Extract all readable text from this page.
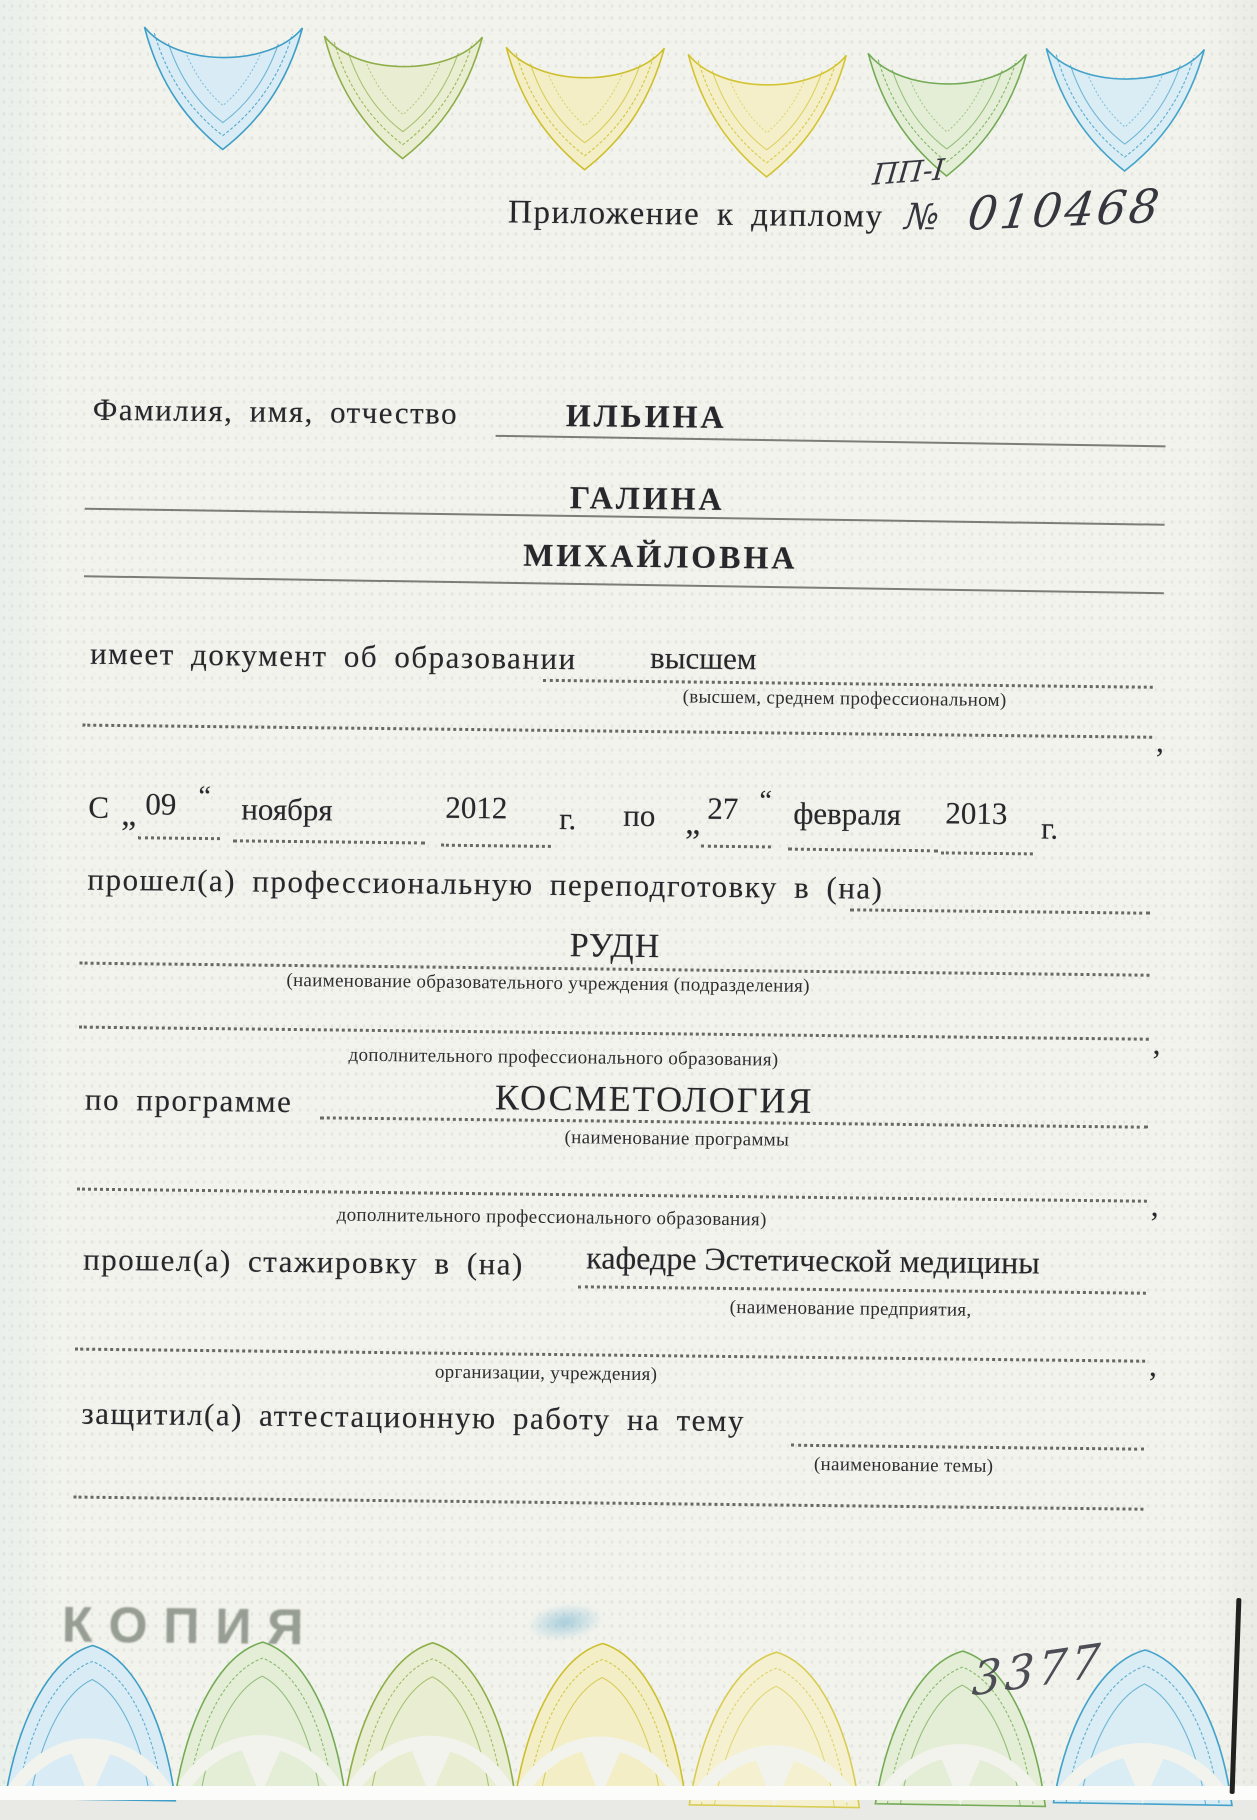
Приложение к диплому
ПП-I
№ 010468
Фамилия, имя, отчество	ИЛЬИНА
ГАЛИНА
МИХАЙЛОВНА
имеет документ об образовании высшем
(высшем, среднем профессиональном)
,
С „ 09 “ ноября	2012 г. по „ 27 “ февраля 2013 г.
прошел(а) профессиональную переподготовку в (на)
РУДН
(наименование образовательного учреждения (подразделения)
,
дополнительного профессионального образования)
по программе	КОСМЕТОЛОГИЯ
(наименование программы
,
дополнительного профессионального образования)
прошел(а) стажировку в (на) кафедре Эстетической медицины
(наименование предприятия,
,
организации, учреждения)
защитил(а) аттестационную работу на тему
(наименование темы)
КОПИЯ
3377
